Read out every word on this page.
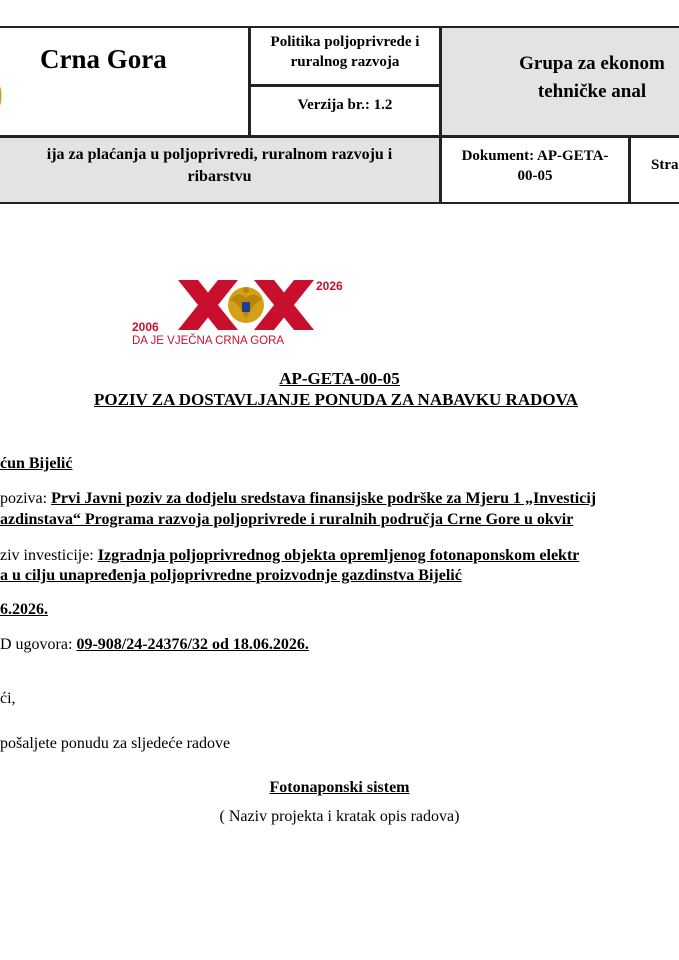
Crna Gora
Politika poljoprivrede i
ruralnog razvoja
Verzija br.: 1.2
Grupa za ekonom
tehničke anal
ija za plaćanja u poljoprivredi, ruralnom razvoju i
ribarstvu
Dokument: AP-GETA-
00-05
Stra
2006
2026
DA JE VJEČNA CRNA GORA
AP-GETA-00-05
POZIV ZA DOSTAVLJANJE PONUDA ZA NABAVKU RADOVA
ćun Bijelić
poziva: Prvi Javni poziv za dodjelu sredstava finansijske podrške za Mjeru 1 „Investicij
azdinstava“ Programa razvoja poljoprivrede i ruralnih područja Crne Gore u okvir
ziv investicije: Izgradnja poljoprivrednog objekta opremljenog fotonaponskom elektr
a u cilju unapređenja poljoprivredne proizvodnje gazdinstva Bijelić
6.2026.
D ugovora: 09-908/24-24376/32 od 18.06.2026.
ći,
pošaljete ponudu za sljedeće radove
Fotonaponski sistem
( Naziv projekta i kratak opis radova)
